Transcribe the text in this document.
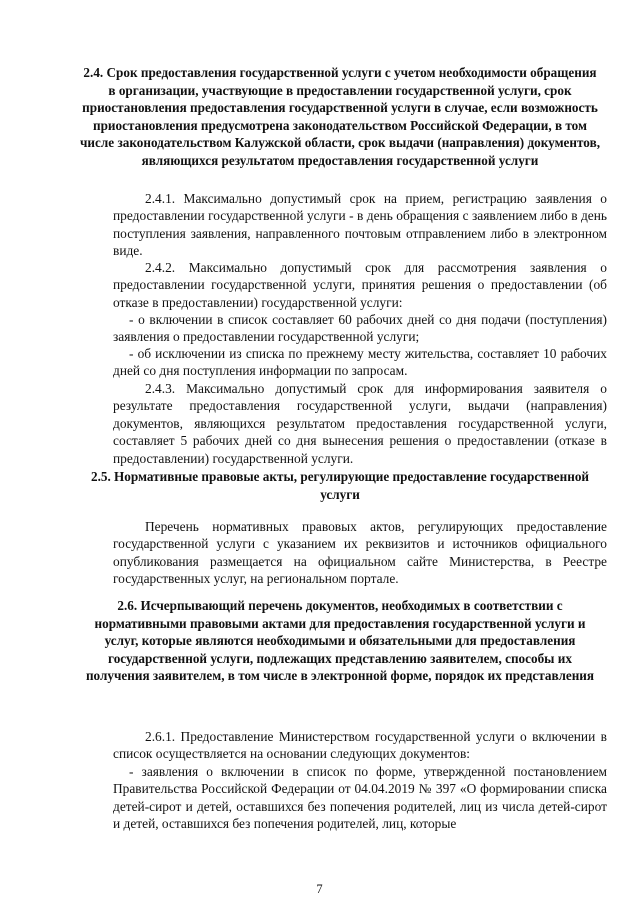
2.4. Срок предоставления государственной услуги с учетом необходимости обращения в организации, участвующие в предоставлении государственной услуги, срок приостановления предоставления государственной услуги в случае, если возможность приостановления предусмотрена законодательством Российской Федерации, в том числе законодательством Калужской области, срок выдачи (направления) документов, являющихся результатом предоставления государственной услуги

2.4.1. Максимально допустимый срок на прием, регистрацию заявления о предоставлении государственной услуги - в день обращения с заявлением либо в день поступления заявления, направленного почтовым отправлением либо в электронном виде.

2.4.2. Максимально допустимый срок для рассмотрения заявления о предоставлении государственной услуги, принятия решения о предоставлении (об отказе в предоставлении) государственной услуги:

- о включении в список составляет 60 рабочих дней со дня подачи (поступления) заявления о предоставлении государственной услуги;

- об исключении из списка по прежнему месту жительства, составляет 10 рабочих дней со дня поступления информации по запросам.

2.4.3. Максимально допустимый срок для информирования заявителя о результате предоставления государственной услуги, выдачи (направления) документов, являющихся результатом предоставления государственной услуги, составляет 5 рабочих дней со дня вынесения решения о предоставлении (отказе в предоставлении) государственной услуги.

2.5. Нормативные правовые акты, регулирующие предоставление государственной услуги

Перечень нормативных правовых актов, регулирующих предоставление государственной услуги с указанием их реквизитов и источников официального опубликования размещается на официальном сайте Министерства, в Реестре государственных услуг, на региональном портале.

2.6. Исчерпывающий перечень документов, необходимых в соответствии с нормативными правовыми актами для предоставления государственной услуги и услуг, которые являются необходимыми и обязательными для предоставления государственной услуги, подлежащих представлению заявителем, способы их получения заявителем, в том числе в электронной форме, порядок их представления

2.6.1. Предоставление Министерством государственной услуги о включении в список осуществляется на основании следующих документов:

- заявления о включении в список по форме, утвержденной постановлением Правительства Российской Федерации от 04.04.2019 № 397 «О формировании списка детей-сирот и детей, оставшихся без попечения родителей, лиц из числа детей-сирот и детей, оставшихся без попечения родителей, лиц, которые

7
